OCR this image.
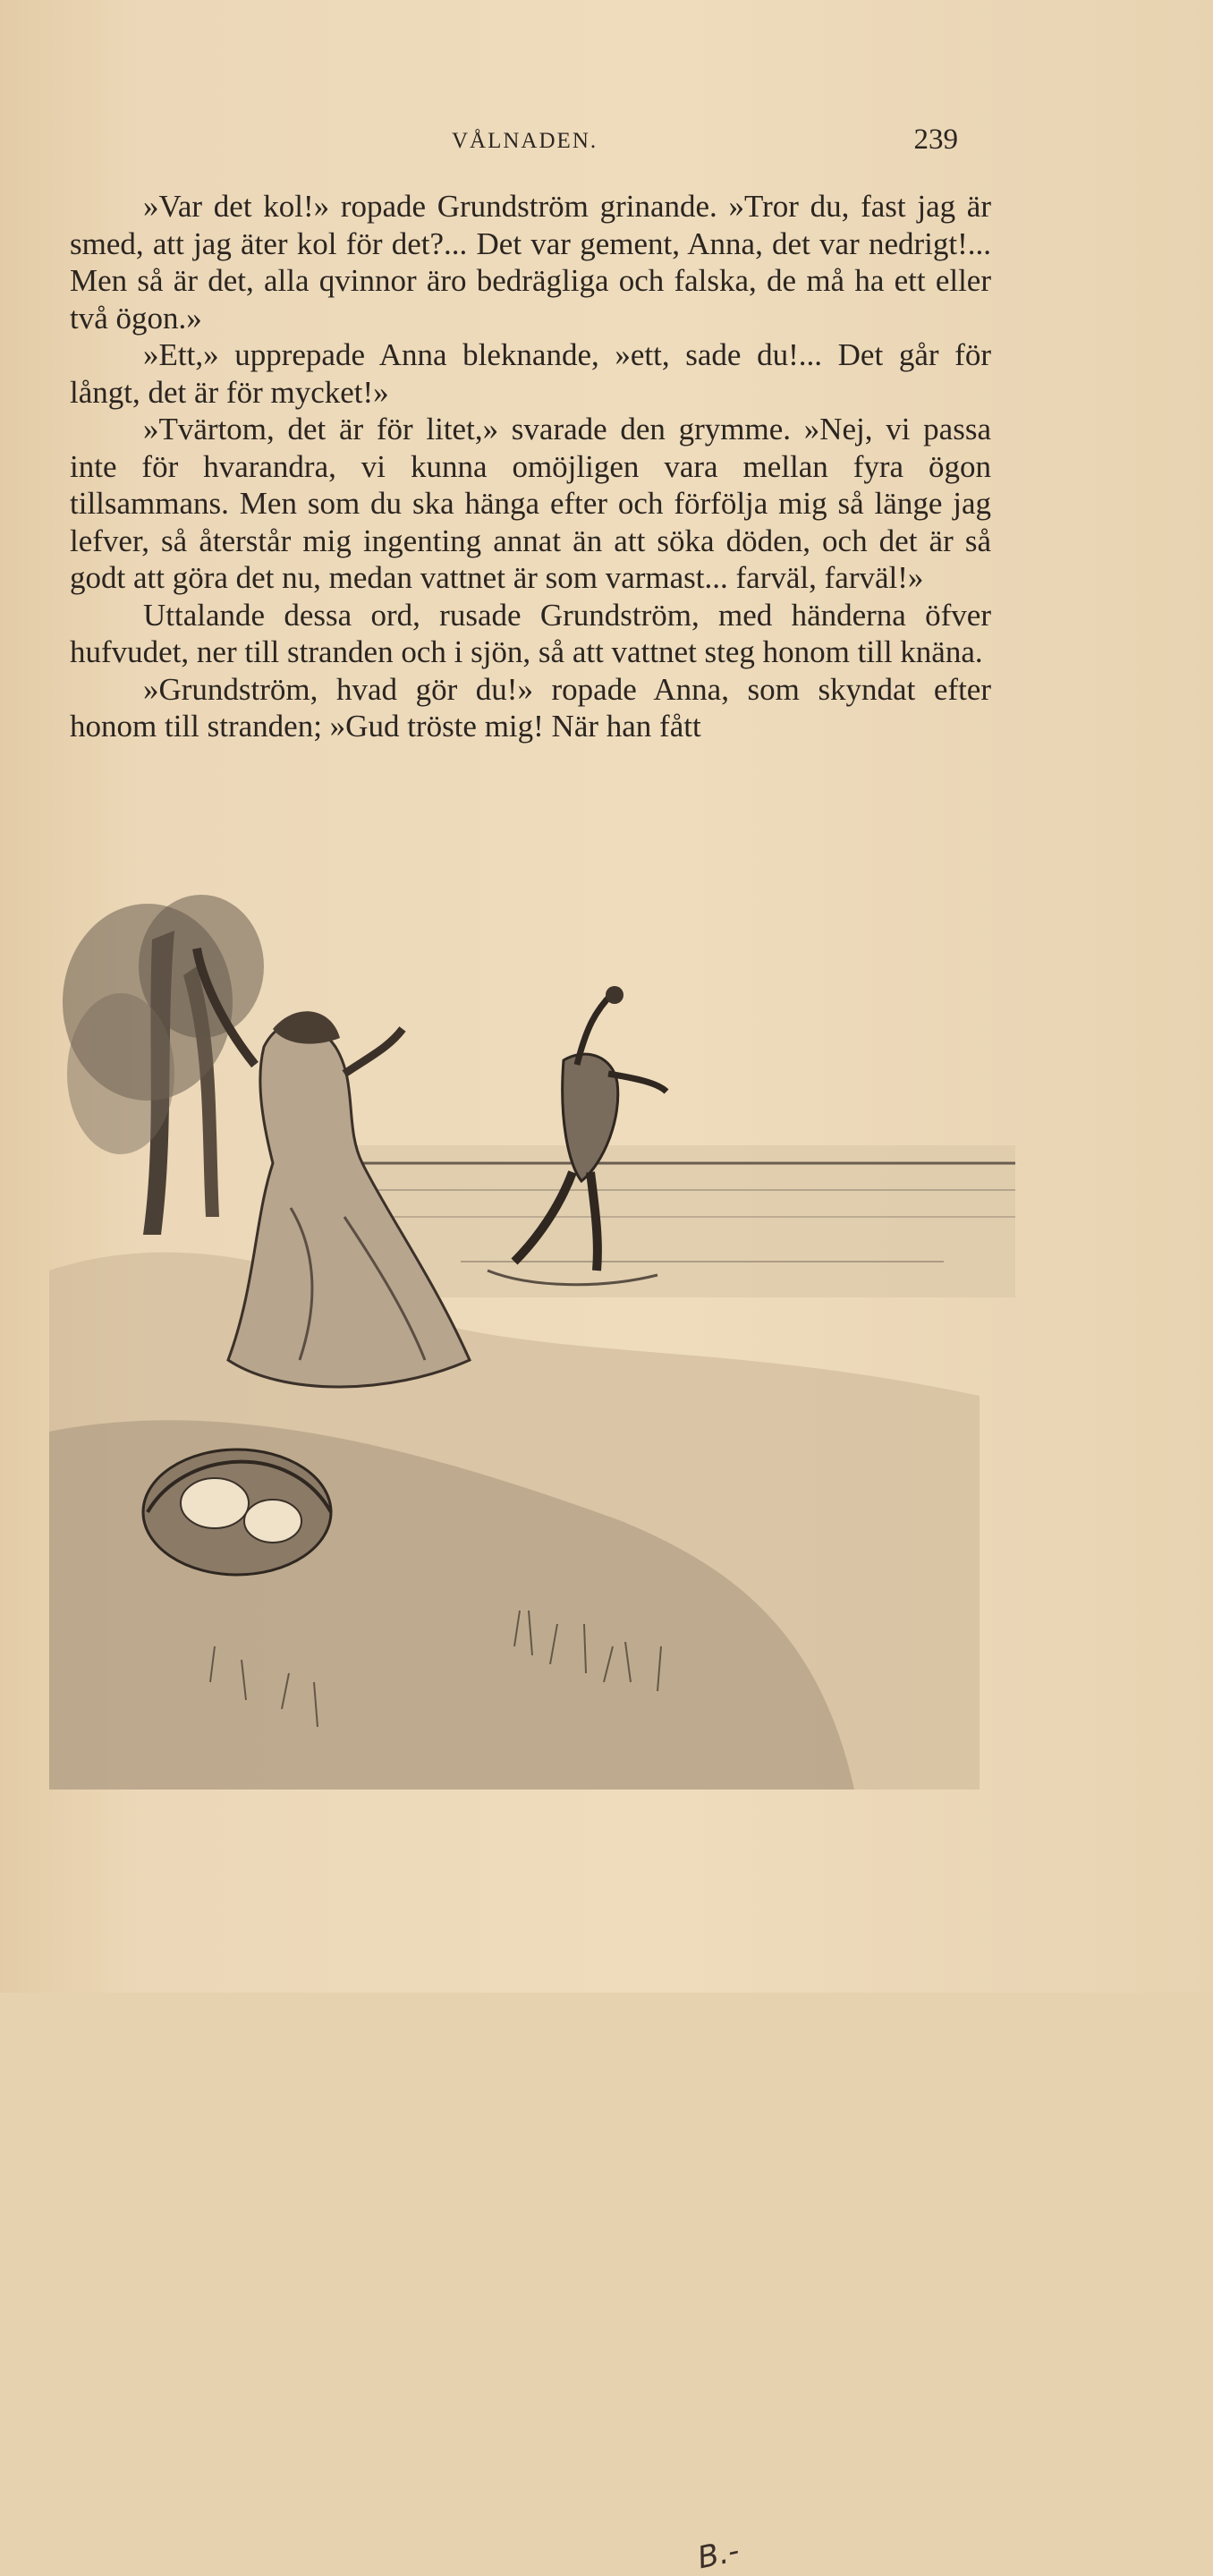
VÅLNADEN.	239

»Var det kol!» ropade Grundström grinande. »Tror du, fast jag är smed, att jag äter kol för det?... Det var gement, Anna, det var nedrigt!... Men så är det, alla qvinnor äro bedrägliga och falska, de må ha ett eller två ögon.»

»Ett,» upprepade Anna bleknande, »ett, sade du!... Det går för långt, det är för mycket!»

»Tvärtom, det är för litet,» svarade den grymme. »Nej, vi passa inte för hvarandra, vi kunna omöjligen vara mellan fyra ögon tillsammans. Men som du ska hänga efter och förfölja mig så länge jag lefver, så återstår mig ingenting annat än att söka döden, och det är så godt att göra det nu, medan vattnet är som varmast... farväl, farväl!»

Uttalande dessa ord, rusade Grundström, med händerna öfver hufvudet, ner till stranden och i sjön, så att vattnet steg honom till knäna.

»Grundström, hvad gör du!» ropade Anna, som skyndat efter honom till stranden; »Gud tröste mig! När han fått

B.-
